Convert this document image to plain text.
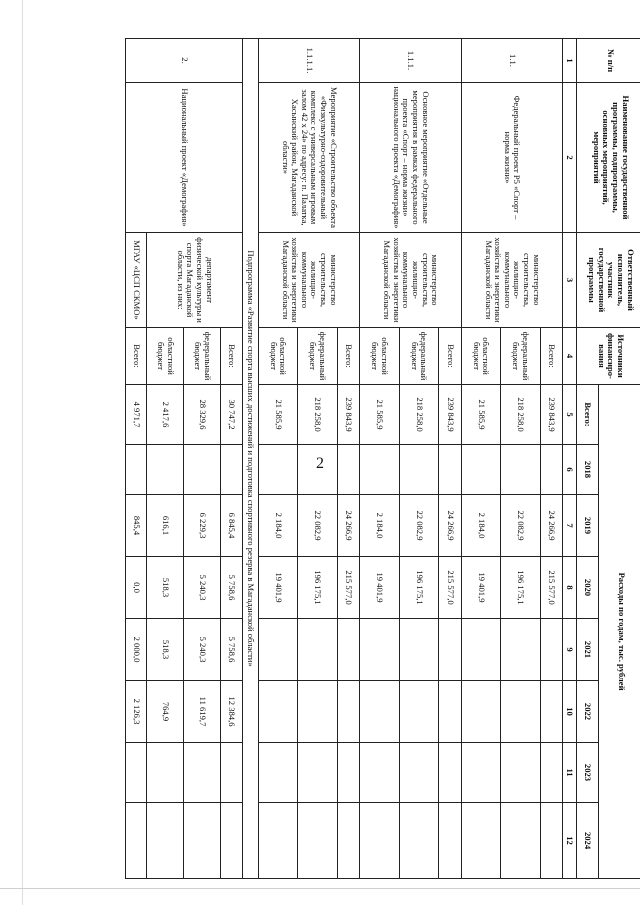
2
№ п/п	Наименование государственной программы, подпрограммы, основных мероприятий, мероприятий	Ответственный исполнитель, участник государственной программы	Источники финансиро-вания	Расходы по годам, тыс. рублей							
				Всего:	2018	2019	2020	2021	2022	2023	2024
1	2	3	4	5	6	7	8	9	10	11	12
1.1.	Федеральный проект Р5 «Спорт – норма жизни»	министерство строительства, жилищно-коммунального хозяйства и энергетики Магаданской области	Всего:	239 843,9		24 266,9	215 577,0				
			федеральный бюджет	218 258,0		22 082,9	196 175,1				
			областной бюджет	21 585,9		2 184,0	19 401,9				
1.1.1.	Основное мероприятие «Отдельные мероприятия в рамках федерального проекта «Спорт – норма жизни» национального проекта «Демография»	министерство строительства, жилищно-коммунального хозяйства и энергетики Магаданской области	Всего:	239 843,9		24 266,9	215 577,0				
			федеральный бюджет	218 258,0		22 082,9	196 175,1				
			областной бюджет	21 585,9		2 184,0	19 401,9				
1.1.1.1.	Мероприятие «Строительство объекта «Физкультурно-оздоровительный комплекс с универсальным игровым залом 42 х 24» по адресу: п. Палатка, Хасынский район, Магаданской области»	министерство строительства, жилищно-коммунального хозяйства и энергетики Магаданской области	Всего:	239 843,9		24 266,9	215 577,0				
			федеральный бюджет	218 258,0		22 082,9	196 175,1				
			областной бюджет	21 585,9		2 184,0	19 401,9				
Подпрограмма «Развитие спорта высших достижений и подготовка спортивного резерва в Магаданской области»											
2.	Национальный проект «Демография»	департамент физической культуры и спорта Магаданской области, из них:	Всего:	30 747,2		6 845,4	5 758,6	5 758,6	12 384,6		
			федеральный бюджет	28 329,6		6 229,3	5 240,3	5 240,3	11 619,7		
			областной бюджет	2 417,6		616,1	518,3	518,3	764,9		
		МГАУ «ЦСП СКМО»	Всего:	4 971,7		845,4	0,0	2 000,0	2 126,3		
